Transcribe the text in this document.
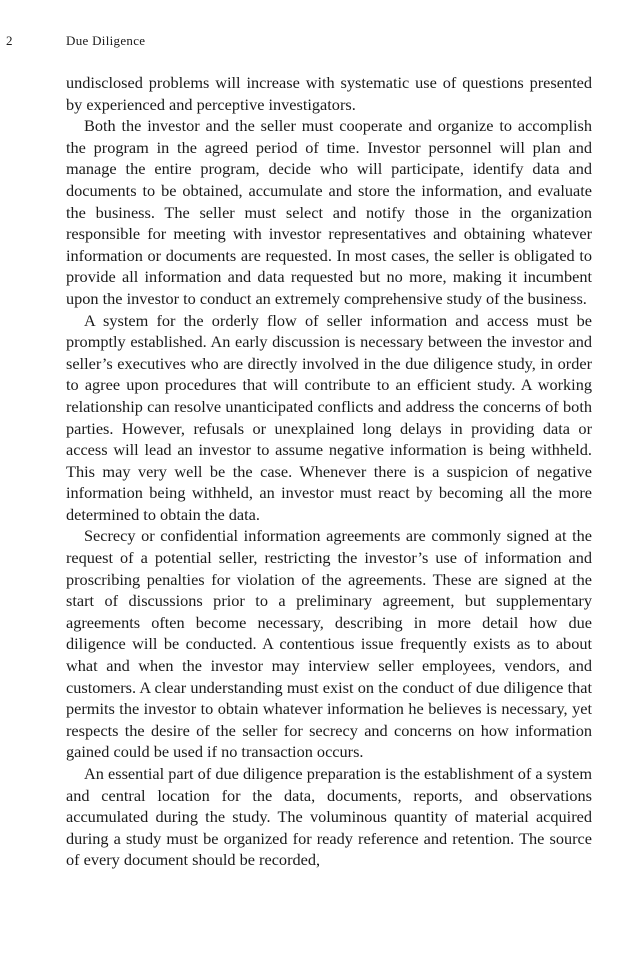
2	Due Diligence

undisclosed problems will increase with systematic use of questions presented by experienced and perceptive investigators.

Both the investor and the seller must cooperate and organize to accomplish the program in the agreed period of time. Investor personnel will plan and manage the entire program, decide who will participate, identify data and documents to be obtained, accumulate and store the information, and evaluate the business. The seller must select and notify those in the organization responsible for meeting with investor representatives and obtaining whatever information or documents are requested. In most cases, the seller is obligated to provide all information and data requested but no more, making it incumbent upon the investor to conduct an extremely comprehensive study of the business.

A system for the orderly flow of seller information and access must be promptly established. An early discussion is necessary between the investor and seller’s executives who are directly involved in the due diligence study, in order to agree upon procedures that will contribute to an efficient study. A working relationship can resolve unanticipated conflicts and address the concerns of both parties. However, refusals or unexplained long delays in providing data or access will lead an investor to assume negative information is being withheld. This may very well be the case. Whenever there is a suspicion of negative information being withheld, an investor must react by becoming all the more determined to obtain the data.

Secrecy or confidential information agreements are commonly signed at the request of a potential seller, restricting the investor’s use of information and proscribing penalties for violation of the agreements. These are signed at the start of discussions prior to a preliminary agreement, but supplementary agreements often become necessary, describing in more detail how due diligence will be conducted. A contentious issue frequently exists as to about what and when the investor may interview seller employees, vendors, and customers. A clear understanding must exist on the conduct of due diligence that permits the investor to obtain whatever information he believes is necessary, yet respects the desire of the seller for secrecy and concerns on how information gained could be used if no transaction occurs.

An essential part of due diligence preparation is the establishment of a system and central location for the data, documents, reports, and observations accumulated during the study. The voluminous quantity of material acquired during a study must be organized for ready reference and retention. The source of every document should be recorded,
